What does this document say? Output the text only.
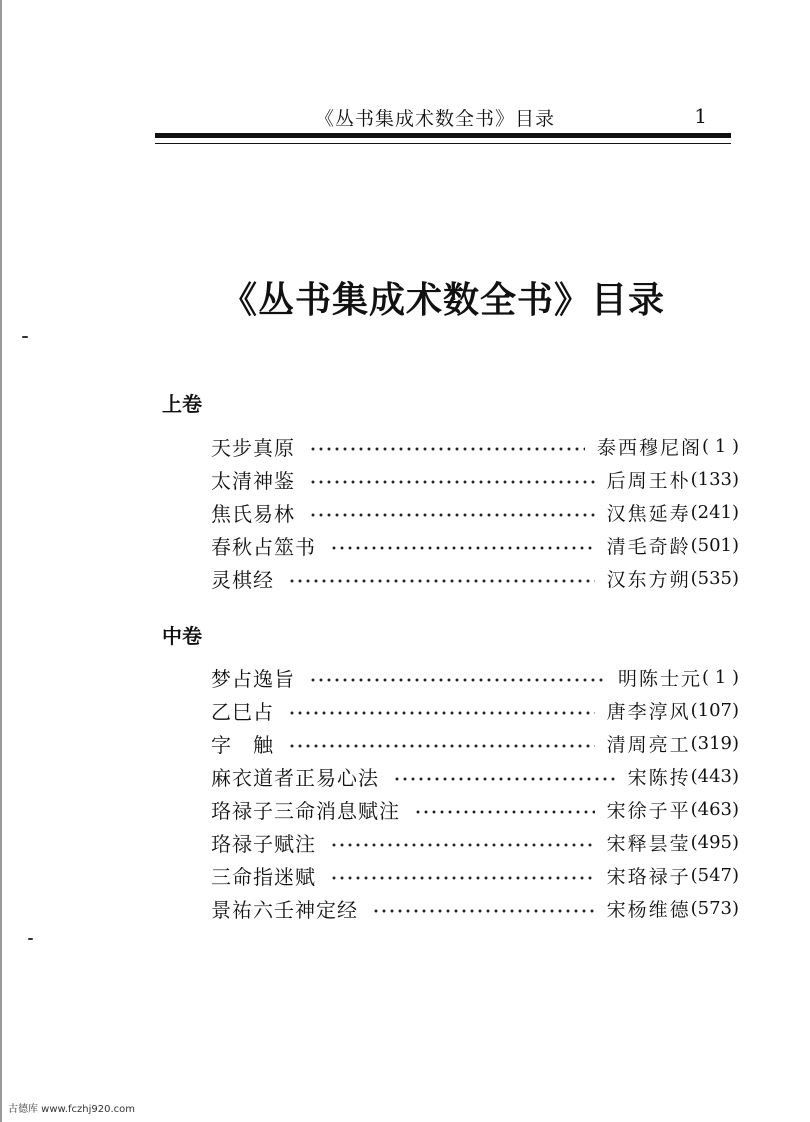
《丛书集成术数全书》目录	1
《丛书集成术数全书》目录
上卷
天步真原	泰西穆尼阁 ( 1 )
太清神鉴	后周王朴 (133)
焦氏易林	汉焦延寿 (241)
春秋占筮书	清毛奇龄 (501)
灵棋经	汉东方朔 (535)
中卷
梦占逸旨	明陈士元 ( 1 )
乙巳占	唐李淳风 (107)
字　触	清周亮工 (319)
麻衣道者正易心法	宋陈抟 (443)
珞禄子三命消息赋注	宋徐子平 (463)
珞禄子赋注	宋释昙莹 (495)
三命指迷赋	宋珞禄子 (547)
景祐六壬神定经	宋杨维德 (573)
古德库 www.fczhj920.com
